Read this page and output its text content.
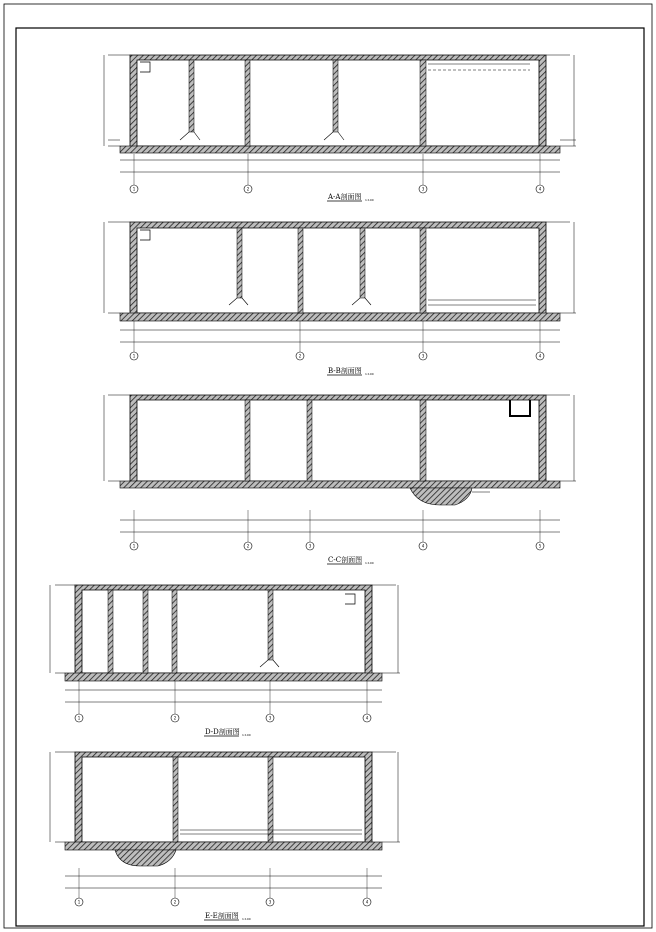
1	2	3	4
A-A剖面图 1:100
1	2	3	4
B-B剖面图 1:100
1	2	3	4	5
C-C剖面图 1:100
1	2	3	4
D-D剖面图 1:100
1	2	3	4
E-E剖面图 1:100
